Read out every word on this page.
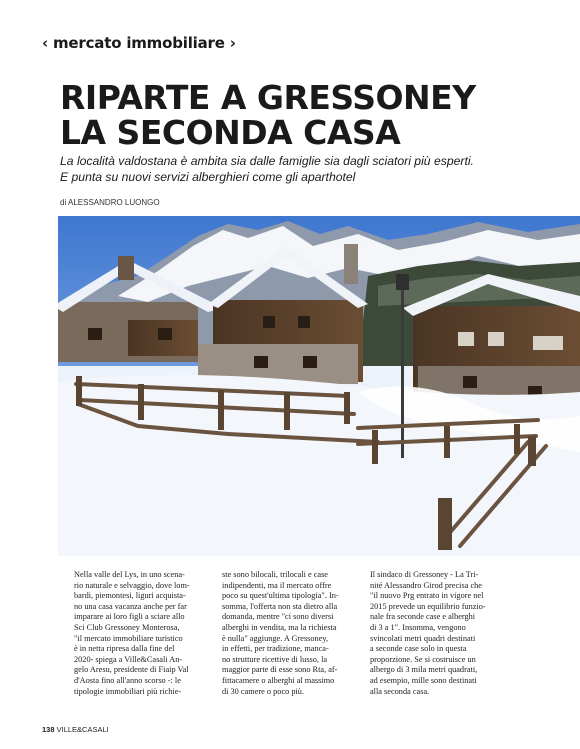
‹ mercato immobiliare ›
RIPARTE A GRESSONEY
LA SECONDA CASA
La località valdostana è ambita sia dalle famiglie sia dagli sciatori più esperti.
E punta su nuovi servizi alberghieri come gli aparthotel
di ALESSANDRO LUONGO
Nella valle del Lys, in uno scena-
rio naturale e selvaggio, dove lom-
bardi, piemontesi, liguri acquista-
no una casa vacanza anche per far
imparare ai loro figli a sciare allo
Sci Club Gressoney Monterosa,
"il mercato immobiliare turistico
è in netta ripresa dalla fine del
2020- spiega a Ville&Casali An-
gelo Aresu, presidente di Fiaip Val
d'Aosta fino all'anno scorso -: le
tipologie immobiliari più richie-
ste sono bilocali, trilocali e case
indipendenti, ma il mercato offre
poco su quest'ultima tipologia". In-
somma, l'offerta non sta dietro alla
domanda, mentre "ci sono diversi
alberghi in vendita, ma la richiesta
è nulla" aggiunge. A Gressoney,
in effetti, per tradizione, manca-
no strutture ricettive di lusso, la
maggior parte di esse sono Rta, af-
fittacamere o alberghi al massimo
di 30 camere o poco più.
Il sindaco di Gressoney - La Tri-
nité Alessandro Girod precisa che
"il nuovo Prg entrato in vigore nel
2015 prevede un equilibrio funzio-
nale fra seconde case e alberghi
di 3 a 1". Insomma, vengono
svincolati metri quadri destinati
a seconde case solo in questa
proporzione. Se si costruisce un
albergo di 3 mila metri quadrati,
ad esempio, mille sono destinati
alla seconda casa.
138 VILLE&CASALI
